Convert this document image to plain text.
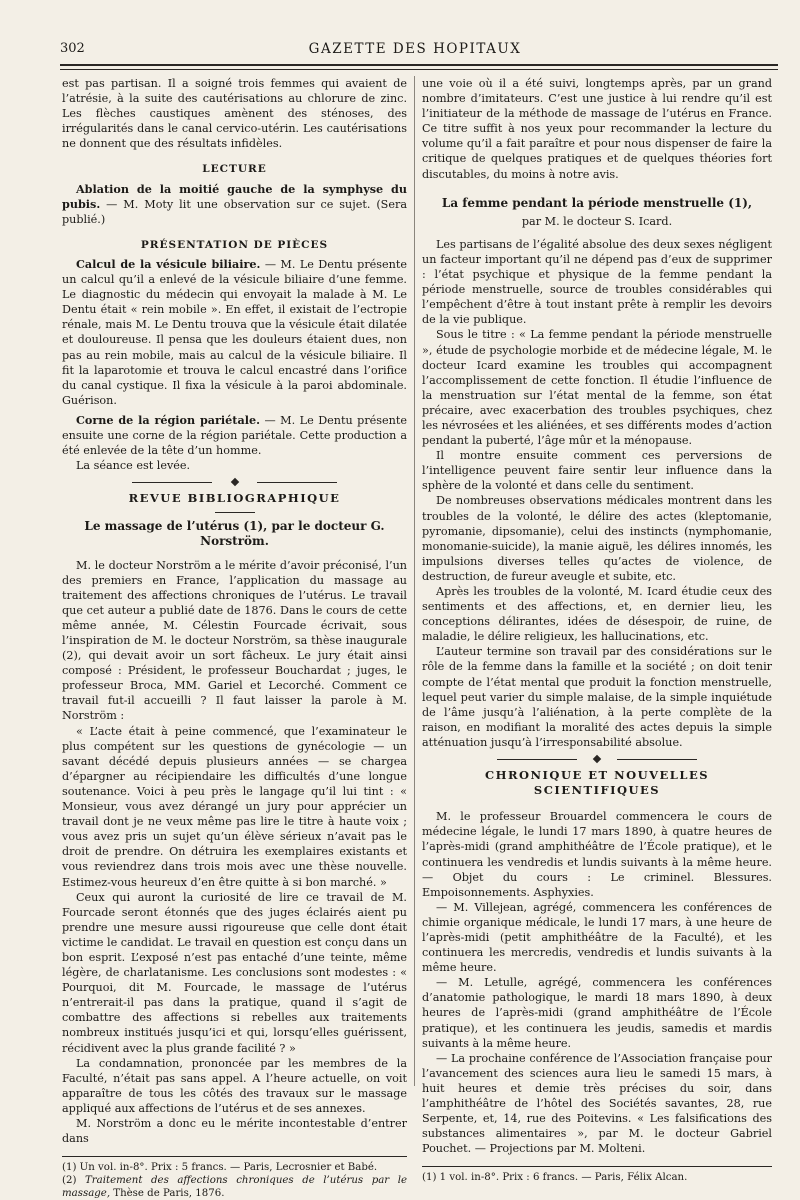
302	GAZETTE DES HOPITAUX

est pas partisan. Il a soigné trois femmes qui avaient de l’atrésie, à la suite des cautérisations au chlorure de zinc. Les flèches caustiques amènent des sténoses, des irrégularités dans le canal cervico-utérin. Les cautérisations ne donnent que des résultats infidèles.

LECTURE

Ablation de la moitié gauche de la symphyse du pubis. — M. Moty lit une observation sur ce sujet. (Sera publié.)

PRÉSENTATION DE PIÈCES

Calcul de la vésicule biliaire. — M. Le Dentu présente un calcul qu’il a enlevé de la vésicule biliaire d’une femme. Le diagnostic du médecin qui envoyait la malade à M. Le Dentu était « rein mobile ». En effet, il existait de l’ectropie rénale, mais M. Le Dentu trouva que la vésicule était dilatée et douloureuse. Il pensa que les douleurs étaient dues, non pas au rein mobile, mais au calcul de la vésicule biliaire. Il fit la laparotomie et trouva le calcul encastré dans l’orifice du canal cystique. Il fixa la vésicule à la paroi abdominale. Guérison.

Corne de la région pariétale. — M. Le Dentu présente ensuite une corne de la région pariétale. Cette production a été enlevée de la tête d’un homme.

La séance est levée.

REVUE BIBLIOGRAPHIQUE
Le massage de l’utérus (1), par le docteur G. Norström.

M. le docteur Norström a le mérite d’avoir préconisé, l’un des premiers en France, l’application du massage au traitement des affections chroniques de l’utérus. Le travail que cet auteur a publié date de 1876. Dans le cours de cette même année, M. Célestin Fourcade écrivait, sous l’inspiration de M. le docteur Norström, sa thèse inaugurale (2), qui devait avoir un sort fâcheux. Le jury était ainsi composé : Président, le professeur Bouchardat ; juges, le professeur Broca, MM. Gariel et Lecorché. Comment ce travail fut-il accueilli ? Il faut laisser la parole à M. Norström :

« L’acte était à peine commencé, que l’examinateur le plus compétent sur les questions de gynécologie — un savant décédé depuis plusieurs années — se chargea d’épargner au récipiendaire les difficultés d’une longue soutenance. Voici à peu près le langage qu’il lui tint : « Monsieur, vous avez dérangé un jury pour apprécier un travail dont je ne veux même pas lire le titre à haute voix ; vous avez pris un sujet qu’un élève sérieux n’avait pas le droit de prendre. On détruira les exemplaires existants et vous reviendrez dans trois mois avec une thèse nouvelle. Estimez-vous heureux d’en être quitte à si bon marché. »

Ceux qui auront la curiosité de lire ce travail de M. Fourcade seront étonnés que des juges éclairés aient pu prendre une mesure aussi rigoureuse que celle dont était victime le candidat. Le travail en question est conçu dans un bon esprit. L’exposé n’est pas entaché d’une teinte, même légère, de charlatanisme. Les conclusions sont modestes : « Pourquoi, dit M. Fourcade, le massage de l’utérus n’entrerait-il pas dans la pratique, quand il s’agit de combattre des affections si rebelles aux traitements nombreux institués jusqu’ici et qui, lorsqu’elles guérissent, récidivent avec la plus grande facilité ? »

La condamnation, prononcée par les membres de la Faculté, n’était pas sans appel. A l’heure actuelle, on voit apparaître de tous les côtés des travaux sur le massage appliqué aux affections de l’utérus et de ses annexes.

M. Norström a donc eu le mérite incontestable d’entrer dans

(1) Un vol. in-8°. Prix : 5 francs. — Paris, Lecrosnier et Babé.

(2) Traitement des affections chroniques de l’utérus par le massage, Thèse de Paris, 1876.

une voie où il a été suivi, longtemps après, par un grand nombre d’imitateurs. C’est une justice à lui rendre qu’il est l’initiateur de la méthode de massage de l’utérus en France. Ce titre suffit à nos yeux pour recommander la lecture du volume qu’il a fait paraître et pour nous dispenser de faire la critique de quelques pratiques et de quelques théories fort discutables, du moins à notre avis.

La femme pendant la période menstruelle (1),
par M. le docteur S. Icard.

Les partisans de l’égalité absolue des deux sexes négligent un facteur important qu’il ne dépend pas d’eux de supprimer : l’état psychique et physique de la femme pendant la période menstruelle, source de troubles considérables qui l’empêchent d’être à tout instant prête à remplir les devoirs de la vie publique.

Sous le titre : « La femme pendant la période menstruelle », étude de psychologie morbide et de médecine légale, M. le docteur Icard examine les troubles qui accompagnent l’accomplissement de cette fonction. Il étudie l’influence de la menstruation sur l’état mental de la femme, son état précaire, avec exacerbation des troubles psychiques, chez les névrosées et les aliénées, et ses différents modes d’action pendant la puberté, l’âge mûr et la ménopause.

Il montre ensuite comment ces perversions de l’intelligence peuvent faire sentir leur influence dans la sphère de la volonté et dans celle du sentiment.

De nombreuses observations médicales montrent dans les troubles de la volonté, le délire des actes (kleptomanie, pyromanie, dipsomanie), celui des instincts (nymphomanie, monomanie-suicide), la manie aiguë, les délires innomés, les impulsions diverses telles qu’actes de violence, de destruction, de fureur aveugle et subite, etc.

Après les troubles de la volonté, M. Icard étudie ceux des sentiments et des affections, et, en dernier lieu, les conceptions délirantes, idées de désespoir, de ruine, de maladie, le délire religieux, les hallucinations, etc.

L’auteur termine son travail par des considérations sur le rôle de la femme dans la famille et la société ; on doit tenir compte de l’état mental que produit la fonction menstruelle, lequel peut varier du simple malaise, de la simple inquiétude de l’âme jusqu’à l’aliénation, à la perte complète de la raison, en modifiant la moralité des actes depuis la simple atténuation jusqu’à l’irresponsabilité absolue.

CHRONIQUE ET NOUVELLES SCIENTIFIQUES

M. le professeur Brouardel commencera le cours de médecine légale, le lundi 17 mars 1890, à quatre heures de l’après-midi (grand amphithéâtre de l’École pratique), et le continuera les vendredis et lundis suivants à la même heure. — Objet du cours : Le criminel. Blessures. Empoisonnements. Asphyxies.

— M. Villejean, agrégé, commencera les conférences de chimie organique médicale, le lundi 17 mars, à une heure de l’après-midi (petit amphithéâtre de la Faculté), et les continuera les mercredis, vendredis et lundis suivants à la même heure.

— M. Letulle, agrégé, commencera les conférences d’anatomie pathologique, le mardi 18 mars 1890, à deux heures de l’après-midi (grand amphithéâtre de l’École pratique), et les continuera les jeudis, samedis et mardis suivants à la même heure.

— La prochaine conférence de l’Association française pour l’avancement des sciences aura lieu le samedi 15 mars, à huit heures et demie très précises du soir, dans l’amphithéâtre de l’hôtel des Sociétés savantes, 28, rue Serpente, et, 14, rue des Poitevins. « Les falsifications des substances alimentaires », par M. le docteur Gabriel Pouchet. — Projections par M. Molteni.

(1) 1 vol. in-8°. Prix : 6 francs. — Paris, Félix Alcan.
